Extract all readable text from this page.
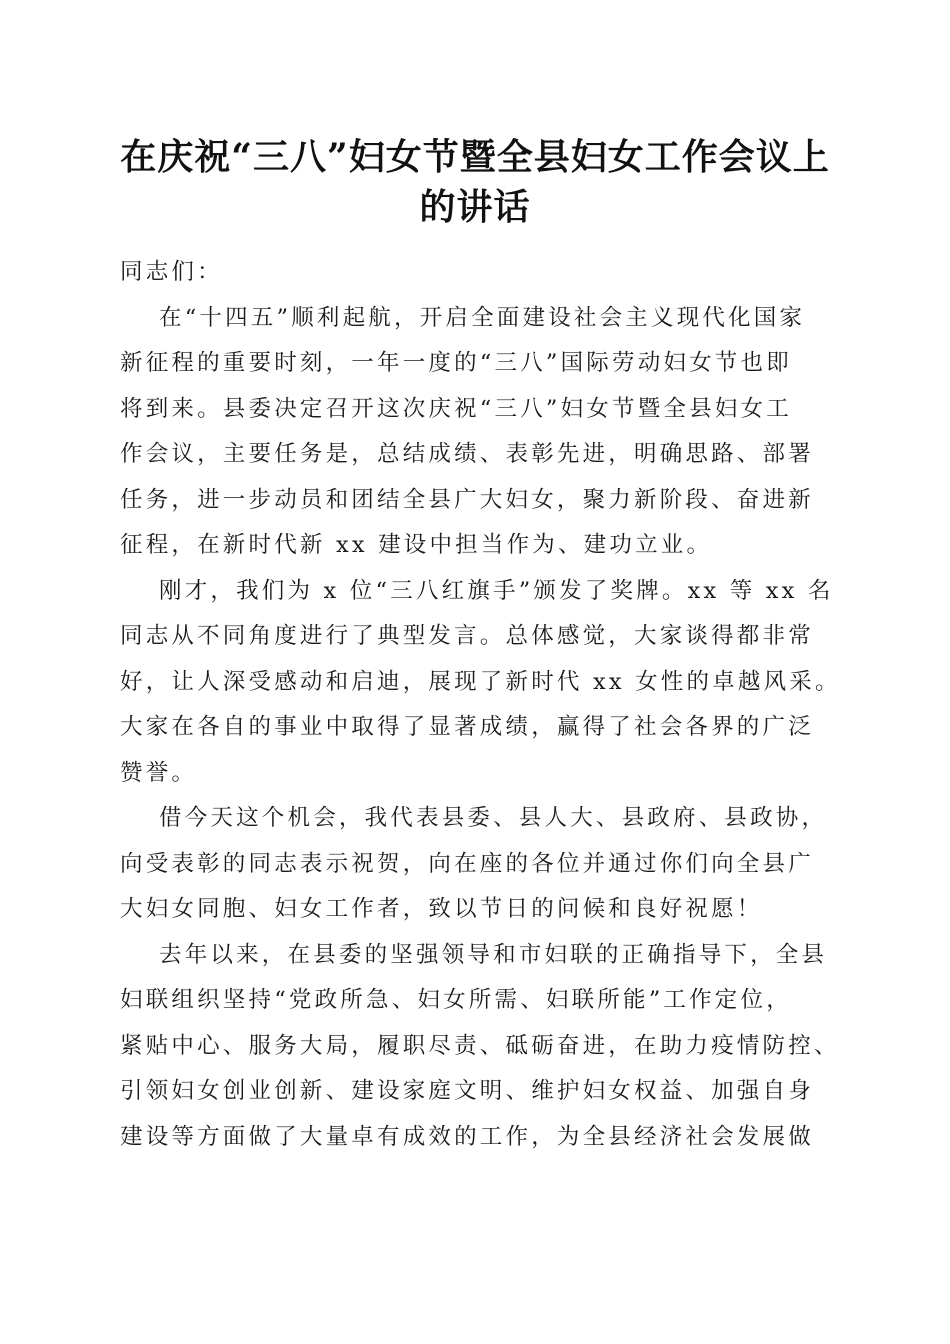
在庆祝“三八”妇女节暨全县妇女工作会议上
的讲话
同志们：
在“十四五”顺利起航，开启全面建设社会主义现代化国家
新征程的重要时刻，一年一度的“三八”国际劳动妇女节也即
将到来。县委决定召开这次庆祝“三八”妇女节暨全县妇女工
作会议，主要任务是，总结成绩、表彰先进，明确思路、部署
任务，进一步动员和团结全县广大妇女，聚力新阶段、奋进新
征程，在新时代新 xx 建设中担当作为、建功立业。
刚才，我们为 x 位“三八红旗手”颁发了奖牌。xx 等 xx 名
同志从不同角度进行了典型发言。总体感觉，大家谈得都非常
好，让人深受感动和启迪，展现了新时代 xx 女性的卓越风采。
大家在各自的事业中取得了显著成绩，赢得了社会各界的广泛
赞誉。
借今天这个机会，我代表县委、县人大、县政府、县政协，
向受表彰的同志表示祝贺，向在座的各位并通过你们向全县广
大妇女同胞、妇女工作者，致以节日的问候和良好祝愿！
去年以来，在县委的坚强领导和市妇联的正确指导下，全县
妇联组织坚持“党政所急、妇女所需、妇联所能”工作定位，
紧贴中心、服务大局，履职尽责、砥砺奋进，在助力疫情防控、
引领妇女创业创新、建设家庭文明、维护妇女权益、加强自身
建设等方面做了大量卓有成效的工作，为全县经济社会发展做
